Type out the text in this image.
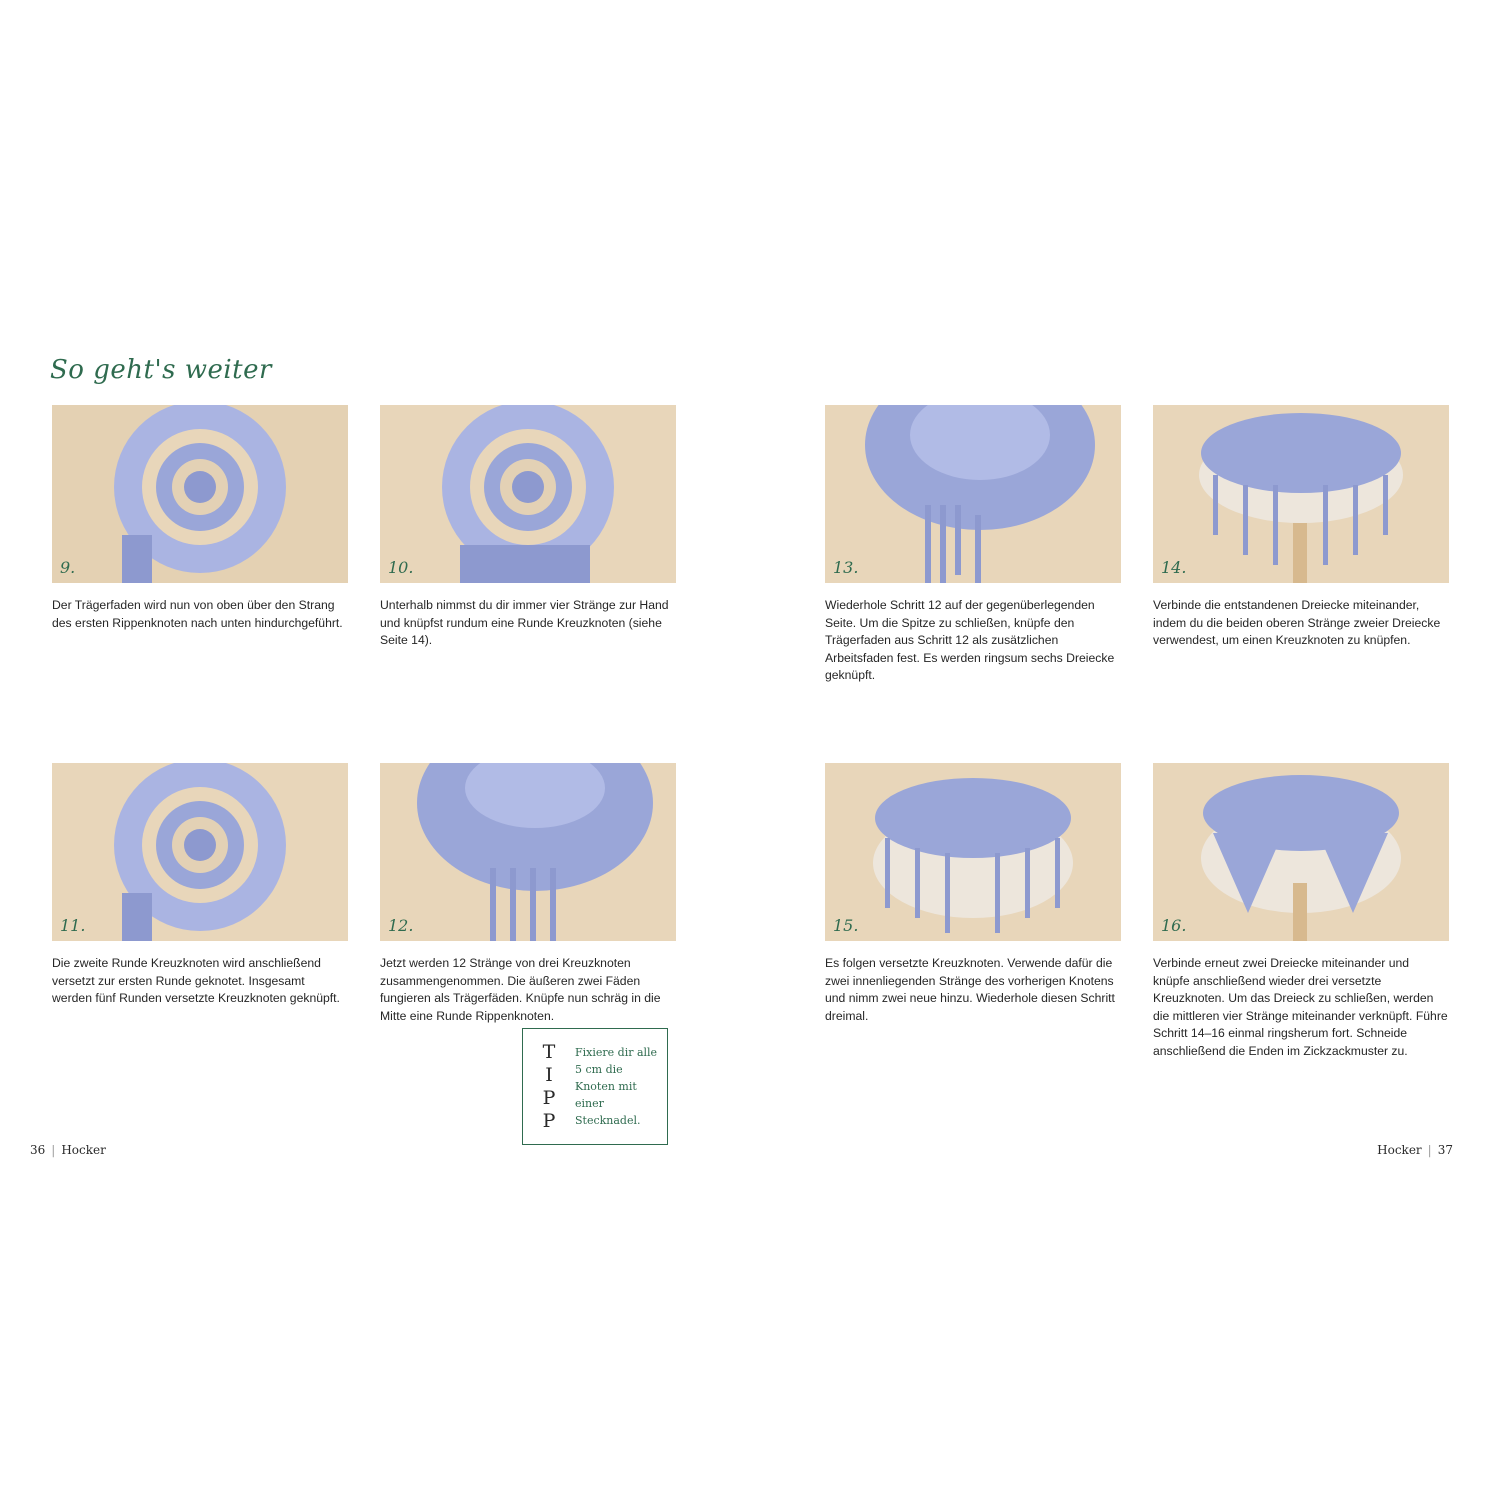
So geht's weiter
9.
Der Trägerfaden wird nun von oben über den Strang des ersten Rippenknoten nach unten hindurchgeführt.
10.
Unterhalb nimmst du dir immer vier Stränge zur Hand und knüpfst rundum eine Runde Kreuzknoten (siehe Seite 14).
13.
Wiederhole Schritt 12 auf der gegenüberlegenden Seite. Um die Spitze zu schließen, knüpfe den Trägerfaden aus Schritt 12 als zusätzlichen Arbeitsfaden fest. Es werden ringsum sechs Dreiecke geknüpft.
14.
Verbinde die entstandenen Dreiecke miteinander, indem du die beiden oberen Stränge zweier Dreiecke verwendest, um einen Kreuzknoten zu knüpfen.
11.
Die zweite Runde Kreuzknoten wird anschließend versetzt zur ersten Runde geknotet. Insgesamt werden fünf Runden versetzte Kreuzknoten geknüpft.
12.
Jetzt werden 12 Stränge von drei Kreuzknoten zusammengenommen. Die äußeren zwei Fäden fungieren als Trägerfäden. Knüpfe nun schräg in die Mitte eine Runde Rippenknoten.
15.
Es folgen versetzte Kreuzknoten. Verwende dafür die zwei innenliegenden Stränge des vorherigen Knotens und nimm zwei neue hinzu. Wiederhole diesen Schritt dreimal.
16.
Verbinde erneut zwei Dreiecke miteinander und knüpfe anschließend wieder drei versetzte Kreuzknoten. Um das Dreieck zu schließen, werden die mittleren vier Stränge miteinander verknüpft. Führe Schritt 14–16 einmal ringsherum fort. Schneide anschließend die Enden im Zickzackmuster zu.
T
I
P
P
Fixiere dir alle 5 cm die Knoten mit einer Stecknadel.
36 | Hocker	Hocker | 37
